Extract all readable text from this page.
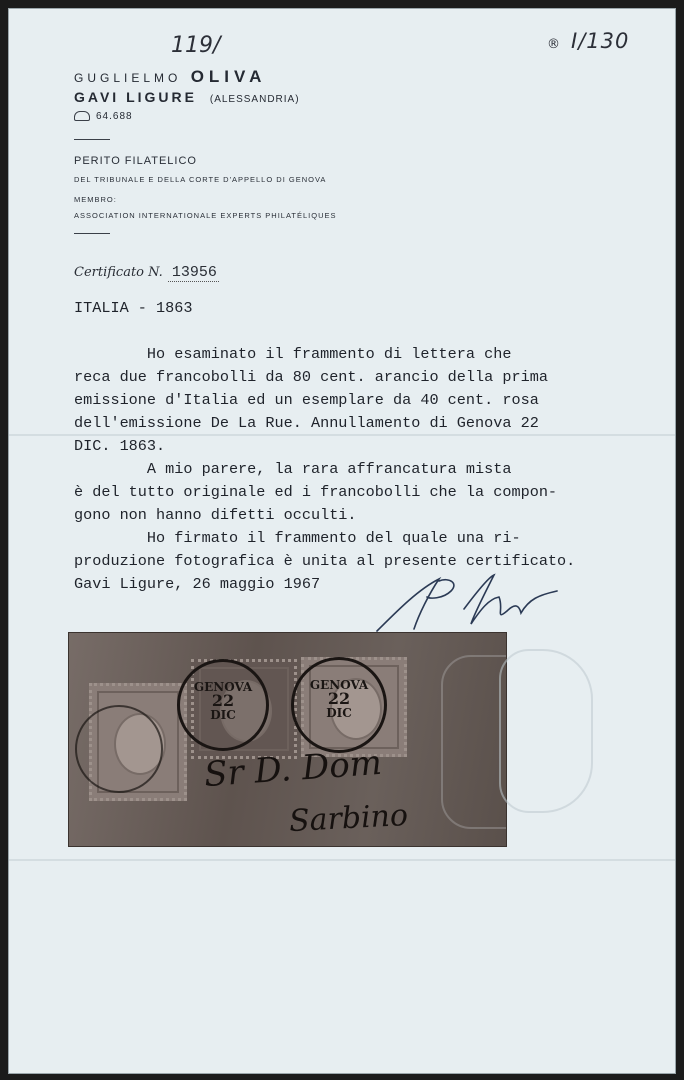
119/	® I/130
GUGLIELMO OLIVA
GAVI LIGURE (ALESSANDRIA)
64.688
PERITO FILATELICO
DEL TRIBUNALE E DELLA CORTE D'APPELLO DI GENOVA
MEMBRO:
ASSOCIATION INTERNATIONALE EXPERTS PHILATÉLIQUES
Certificato N. 13956
ITALIA - 1863

Ho esaminato il frammento di lettera che
reca due francobolli da 80 cent. arancio della prima
emissione d'Italia ed un esemplare da 40 cent. rosa
dell'emissione De La Rue. Annullamento di Genova 22
DIC. 1863.
A mio parere, la rara affrancatura mista
è del tutto originale ed i francobolli che la compon-
gono non hanno difetti occulti.
Ho firmato il frammento del quale una ri-
produzione fotografica è unita al presente certificato.
Gavi Ligure, 26 maggio 1967
GENOVA
22
DIC
GENOVA
22
DIC
Sr D. Dom
Sarbino
